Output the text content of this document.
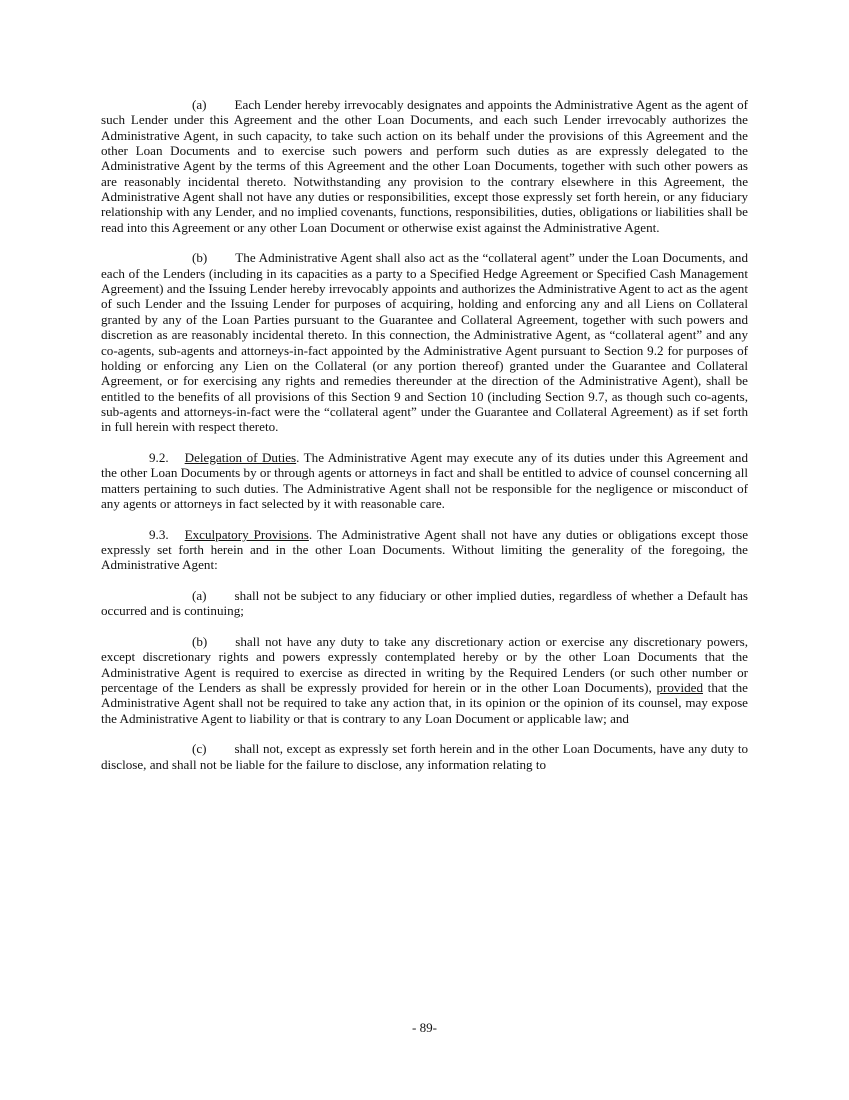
(a) Each Lender hereby irrevocably designates and appoints the Administrative Agent as the agent of such Lender under this Agreement and the other Loan Documents, and each such Lender irrevocably authorizes the Administrative Agent, in such capacity, to take such action on its behalf under the provisions of this Agreement and the other Loan Documents and to exercise such powers and perform such duties as are expressly delegated to the Administrative Agent by the terms of this Agreement and the other Loan Documents, together with such other powers as are reasonably incidental thereto. Notwithstanding any provision to the contrary elsewhere in this Agreement, the Administrative Agent shall not have any duties or responsibilities, except those expressly set forth herein, or any fiduciary relationship with any Lender, and no implied covenants, functions, responsibilities, duties, obligations or liabilities shall be read into this Agreement or any other Loan Document or otherwise exist against the Administrative Agent.

(b) The Administrative Agent shall also act as the “collateral agent” under the Loan Documents, and each of the Lenders (including in its capacities as a party to a Specified Hedge Agreement or Specified Cash Management Agreement) and the Issuing Lender hereby irrevocably appoints and authorizes the Administrative Agent to act as the agent of such Lender and the Issuing Lender for purposes of acquiring, holding and enforcing any and all Liens on Collateral granted by any of the Loan Parties pursuant to the Guarantee and Collateral Agreement, together with such powers and discretion as are reasonably incidental thereto. In this connection, the Administrative Agent, as “collateral agent” and any co-agents, sub-agents and attorneys-in-fact appointed by the Administrative Agent pursuant to Section 9.2 for purposes of holding or enforcing any Lien on the Collateral (or any portion thereof) granted under the Guarantee and Collateral Agreement, or for exercising any rights and remedies thereunder at the direction of the Administrative Agent), shall be entitled to the benefits of all provisions of this Section 9 and Section 10 (including Section 9.7, as though such co-agents, sub-agents and attorneys-in-fact were the “collateral agent” under the Guarantee and Collateral Agreement) as if set forth in full herein with respect thereto.

9.2. Delegation of Duties. The Administrative Agent may execute any of its duties under this Agreement and the other Loan Documents by or through agents or attorneys in fact and shall be entitled to advice of counsel concerning all matters pertaining to such duties. The Administrative Agent shall not be responsible for the negligence or misconduct of any agents or attorneys in fact selected by it with reasonable care.

9.3. Exculpatory Provisions. The Administrative Agent shall not have any duties or obligations except those expressly set forth herein and in the other Loan Documents. Without limiting the generality of the foregoing, the Administrative Agent:

(a) shall not be subject to any fiduciary or other implied duties, regardless of whether a Default has occurred and is continuing;

(b) shall not have any duty to take any discretionary action or exercise any discretionary powers, except discretionary rights and powers expressly contemplated hereby or by the other Loan Documents that the Administrative Agent is required to exercise as directed in writing by the Required Lenders (or such other number or percentage of the Lenders as shall be expressly provided for herein or in the other Loan Documents), provided that the Administrative Agent shall not be required to take any action that, in its opinion or the opinion of its counsel, may expose the Administrative Agent to liability or that is contrary to any Loan Document or applicable law; and

(c) shall not, except as expressly set forth herein and in the other Loan Documents, have any duty to disclose, and shall not be liable for the failure to disclose, any information relating to

- 89-
